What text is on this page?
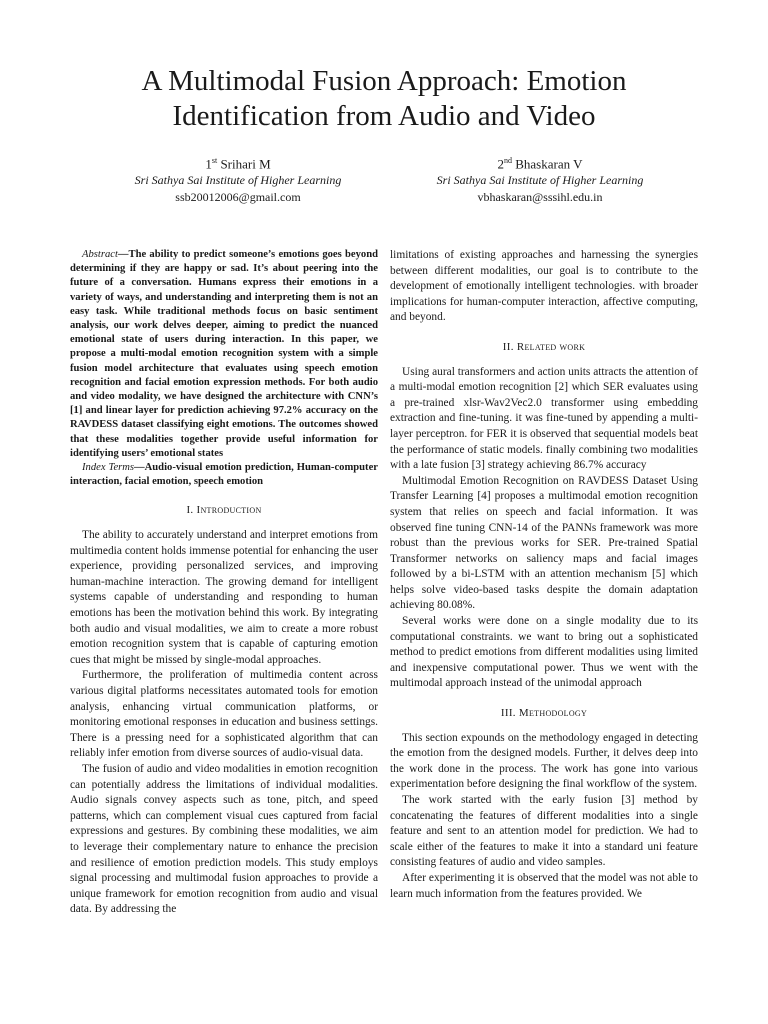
A Multimodal Fusion Approach: Emotion
Identification from Audio and Video
1st Srihari M
Sri Sathya Sai Institute of Higher Learning
ssb20012006@gmail.com
2nd Bhaskaran V
Sri Sathya Sai Institute of Higher Learning
vbhaskaran@sssihl.edu.in

Abstract—The ability to predict someone’s emotions goes beyond determining if they are happy or sad. It’s about peering into the future of a conversation. Humans express their emotions in a variety of ways, and understanding and interpreting them is not an easy task. While traditional methods focus on basic sentiment analysis, our work delves deeper, aiming to predict the nuanced emotional state of users during interaction. In this paper, we propose a multi-modal emotion recognition system with a simple fusion model architecture that evaluates using speech emotion recognition and facial emotion expression methods. For both audio and video modality, we have designed the architecture with CNN’s [1] and linear layer for prediction achieving 97.2% accuracy on the RAVDESS dataset classifying eight emotions. The outcomes showed that these modalities together provide useful information for identifying users’ emotional states

Index Terms—Audio-visual emotion prediction, Human-computer interaction, facial emotion, speech emotion

I. Introduction

The ability to accurately understand and interpret emotions from multimedia content holds immense potential for enhancing the user experience, providing personalized services, and improving human-machine interaction. The growing demand for intelligent systems capable of understanding and responding to human emotions has been the motivation behind this work. By integrating both audio and visual modalities, we aim to create a more robust emotion recognition system that is capable of capturing emotion cues that might be missed by single-modal approaches.

Furthermore, the proliferation of multimedia content across various digital platforms necessitates automated tools for emotion analysis, enhancing virtual communication platforms, or monitoring emotional responses in education and business settings. There is a pressing need for a sophisticated algorithm that can reliably infer emotion from diverse sources of audio-visual data.

The fusion of audio and video modalities in emotion recognition can potentially address the limitations of individual modalities. Audio signals convey aspects such as tone, pitch, and speed patterns, which can complement visual cues captured from facial expressions and gestures. By combining these modalities, we aim to leverage their complementary nature to enhance the precision and resilience of emotion prediction models. This study employs signal processing and multimodal fusion approaches to provide a unique framework for emotion recognition from audio and visual data. By addressing the

limitations of existing approaches and harnessing the synergies between different modalities, our goal is to contribute to the development of emotionally intelligent technologies. with broader implications for human-computer interaction, affective computing, and beyond.

II. Related work

Using aural transformers and action units attracts the attention of a multi-modal emotion recognition [2] which SER evaluates using a pre-trained xlsr-Wav2Vec2.0 transformer using embedding extraction and fine-tuning. it was fine-tuned by appending a multi-layer perceptron. for FER it is observed that sequential models beat the performance of static models. finally combining two modalities with a late fusion [3] strategy achieving 86.7% accuracy

Multimodal Emotion Recognition on RAVDESS Dataset Using Transfer Learning [4] proposes a multimodal emotion recognition system that relies on speech and facial information. It was observed fine tuning CNN-14 of the PANNs framework was more robust than the previous works for SER. Pre-trained Spatial Transformer networks on saliency maps and facial images followed by a bi-LSTM with an attention mechanism [5] which helps solve video-based tasks despite the domain adaptation achieving 80.08%.

Several works were done on a single modality due to its computational constraints. we want to bring out a sophisticated method to predict emotions from different modalities using limited and inexpensive computational power. Thus we went with the multimodal approach instead of the unimodal approach

III. Methodology

This section expounds on the methodology engaged in detecting the emotion from the designed models. Further, it delves deep into the work done in the process. The work has gone into various experimentation before designing the final workflow of the system.

The work started with the early fusion [3] method by concatenating the features of different modalities into a single feature and sent to an attention model for prediction. We had to scale either of the features to make it into a standard uni feature consisting features of audio and video samples.

After experimenting it is observed that the model was not able to learn much information from the features provided. We
